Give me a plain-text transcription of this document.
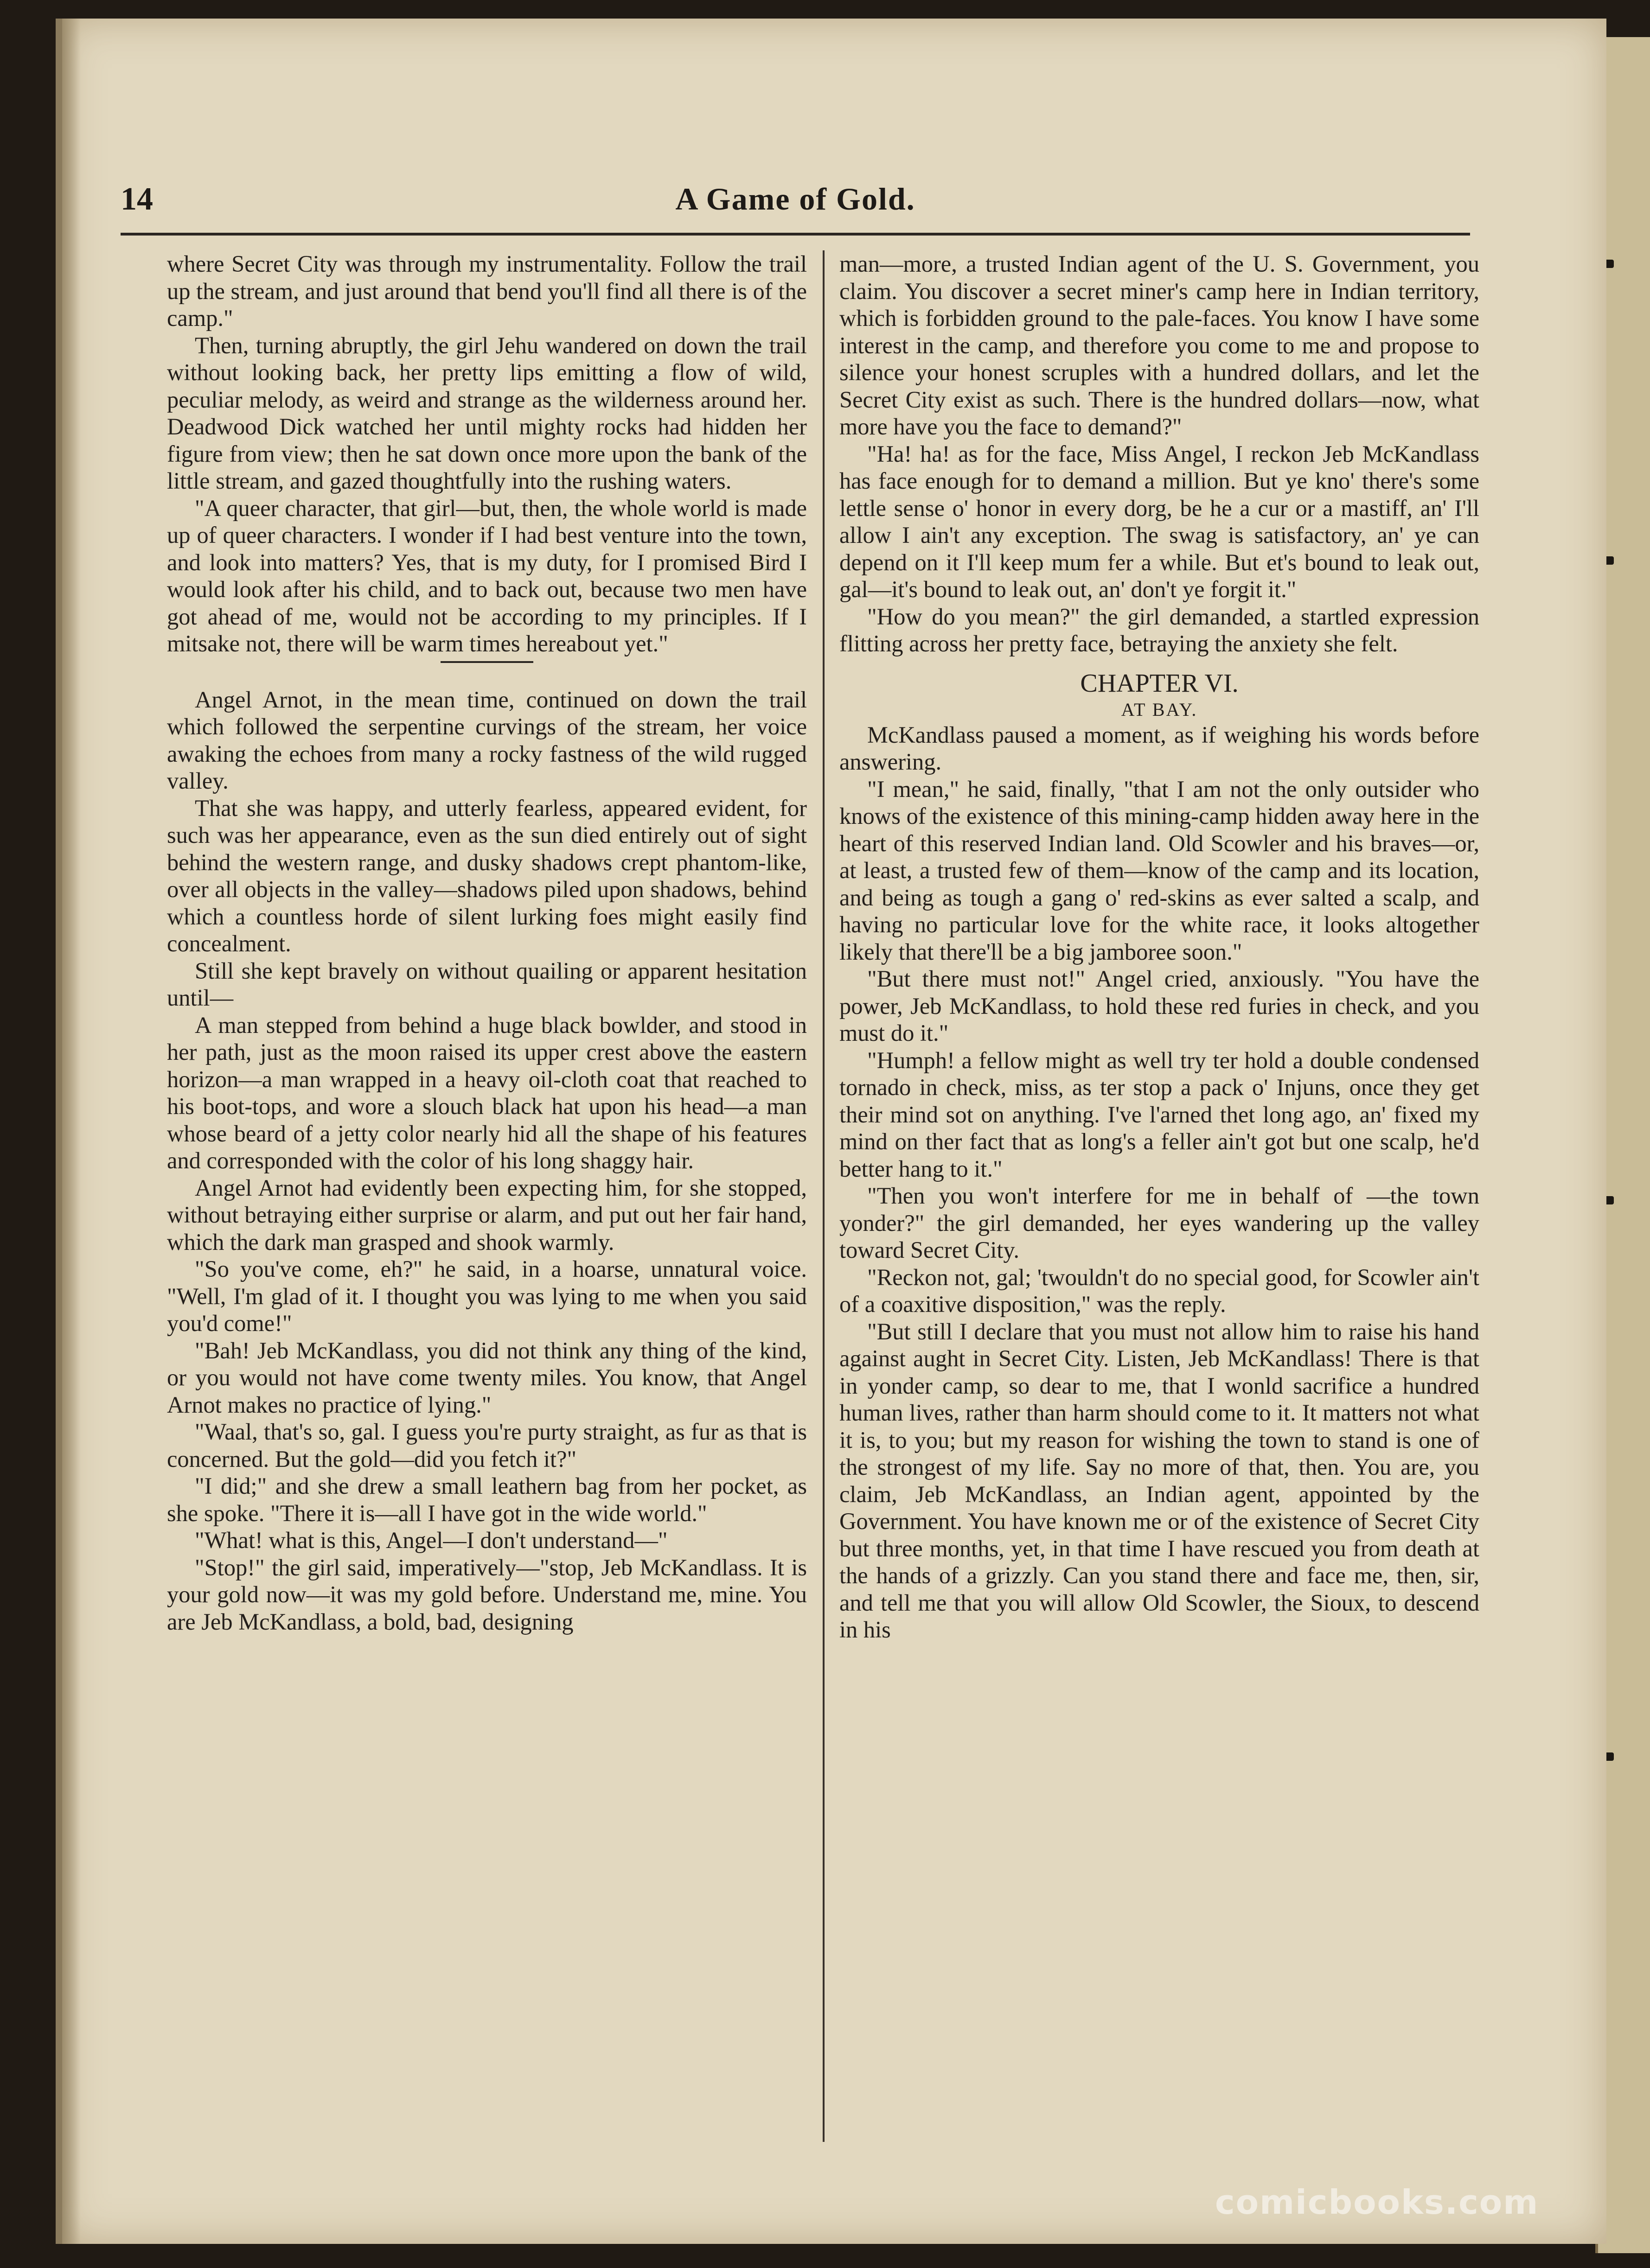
14	A Game of Gold.

where Secret City was through my instrumentality. Follow the trail up the stream, and just around that bend you'll find all there is of the camp."

Then, turning abruptly, the girl Jehu wandered on down the trail without looking back, her pretty lips emitting a flow of wild, peculiar melody, as weird and strange as the wilderness around her. Deadwood Dick watched her until mighty rocks had hidden her figure from view; then he sat down once more upon the bank of the little stream, and gazed thoughtfully into the rushing waters.

"A queer character, that girl—but, then, the whole world is made up of queer characters. I wonder if I had best venture into the town, and look into matters? Yes, that is my duty, for I promised Bird I would look after his child, and to back out, because two men have got ahead of me, would not be according to my principles. If I mitsake not, there will be warm times hereabout yet."

Angel Arnot, in the mean time, continued on down the trail which followed the serpentine curvings of the stream, her voice awaking the echoes from many a rocky fastness of the wild rugged valley.

That she was happy, and utterly fearless, appeared evident, for such was her appearance, even as the sun died entirely out of sight behind the western range, and dusky shadows crept phantom-like, over all objects in the valley—shadows piled upon shadows, behind which a countless horde of silent lurking foes might easily find concealment.

Still she kept bravely on without quailing or apparent hesitation until—

A man stepped from behind a huge black bowlder, and stood in her path, just as the moon raised its upper crest above the eastern horizon—a man wrapped in a heavy oil-cloth coat that reached to his boot-tops, and wore a slouch black hat upon his head—a man whose beard of a jetty color nearly hid all the shape of his features and corresponded with the color of his long shaggy hair.

Angel Arnot had evidently been expecting him, for she stopped, without betraying either surprise or alarm, and put out her fair hand, which the dark man grasped and shook warmly.

"So you've come, eh?" he said, in a hoarse, unnatural voice. "Well, I'm glad of it. I thought you was lying to me when you said you'd come!"

"Bah! Jeb McKandlass, you did not think any thing of the kind, or you would not have come twenty miles. You know, that Angel Arnot makes no practice of lying."

"Waal, that's so, gal. I guess you're purty straight, as fur as that is concerned. But the gold—did you fetch it?"

"I did;" and she drew a small leathern bag from her pocket, as she spoke. "There it is—all I have got in the wide world."

"What! what is this, Angel—I don't understand—"

"Stop!" the girl said, imperatively—"stop, Jeb McKandlass. It is your gold now—it was my gold before. Understand me, mine. You are Jeb McKandlass, a bold, bad, designing

man—more, a trusted Indian agent of the U. S. Government, you claim. You discover a secret miner's camp here in Indian territory, which is forbidden ground to the pale-faces. You know I have some interest in the camp, and therefore you come to me and propose to silence your honest scruples with a hundred dollars, and let the Secret City exist as such. There is the hundred dollars—now, what more have you the face to demand?"

"Ha! ha! as for the face, Miss Angel, I reckon Jeb McKandlass has face enough for to demand a million. But ye kno' there's some lettle sense o' honor in every dorg, be he a cur or a mastiff, an' I'll allow I ain't any exception. The swag is satisfactory, an' ye can depend on it I'll keep mum fer a while. But et's bound to leak out, gal—it's bound to leak out, an' don't ye forgit it."

"How do you mean?" the girl demanded, a startled expression flitting across her pretty face, betraying the anxiety she felt.

CHAPTER VI.
AT BAY.

McKandlass paused a moment, as if weighing his words before answering.

"I mean," he said, finally, "that I am not the only outsider who knows of the existence of this mining-camp hidden away here in the heart of this reserved Indian land. Old Scowler and his braves—or, at least, a trusted few of them—know of the camp and its location, and being as tough a gang o' red-skins as ever salted a scalp, and having no particular love for the white race, it looks altogether likely that there'll be a big jamboree soon."

"But there must not!" Angel cried, anxiously. "You have the power, Jeb McKandlass, to hold these red furies in check, and you must do it."

"Humph! a fellow might as well try ter hold a double condensed tornado in check, miss, as ter stop a pack o' Injuns, once they get their mind sot on anything. I've l'arned thet long ago, an' fixed my mind on ther fact that as long's a feller ain't got but one scalp, he'd better hang to it."

"Then you won't interfere for me in behalf of —the town yonder?" the girl demanded, her eyes wandering up the valley toward Secret City.

"Reckon not, gal; 'twouldn't do no special good, for Scowler ain't of a coaxitive disposition," was the reply.

"But still I declare that you must not allow him to raise his hand against aught in Secret City. Listen, Jeb McKandlass! There is that in yonder camp, so dear to me, that I wonld sacrifice a hundred human lives, rather than harm should come to it. It matters not what it is, to you; but my reason for wishing the town to stand is one of the strongest of my life. Say no more of that, then. You are, you claim, Jeb McKandlass, an Indian agent, appointed by the Government. You have known me or of the existence of Secret City but three months, yet, in that time I have rescued you from death at the hands of a grizzly. Can you stand there and face me, then, sir, and tell me that you will allow Old Scowler, the Sioux, to descend in his

comicbooks.com
